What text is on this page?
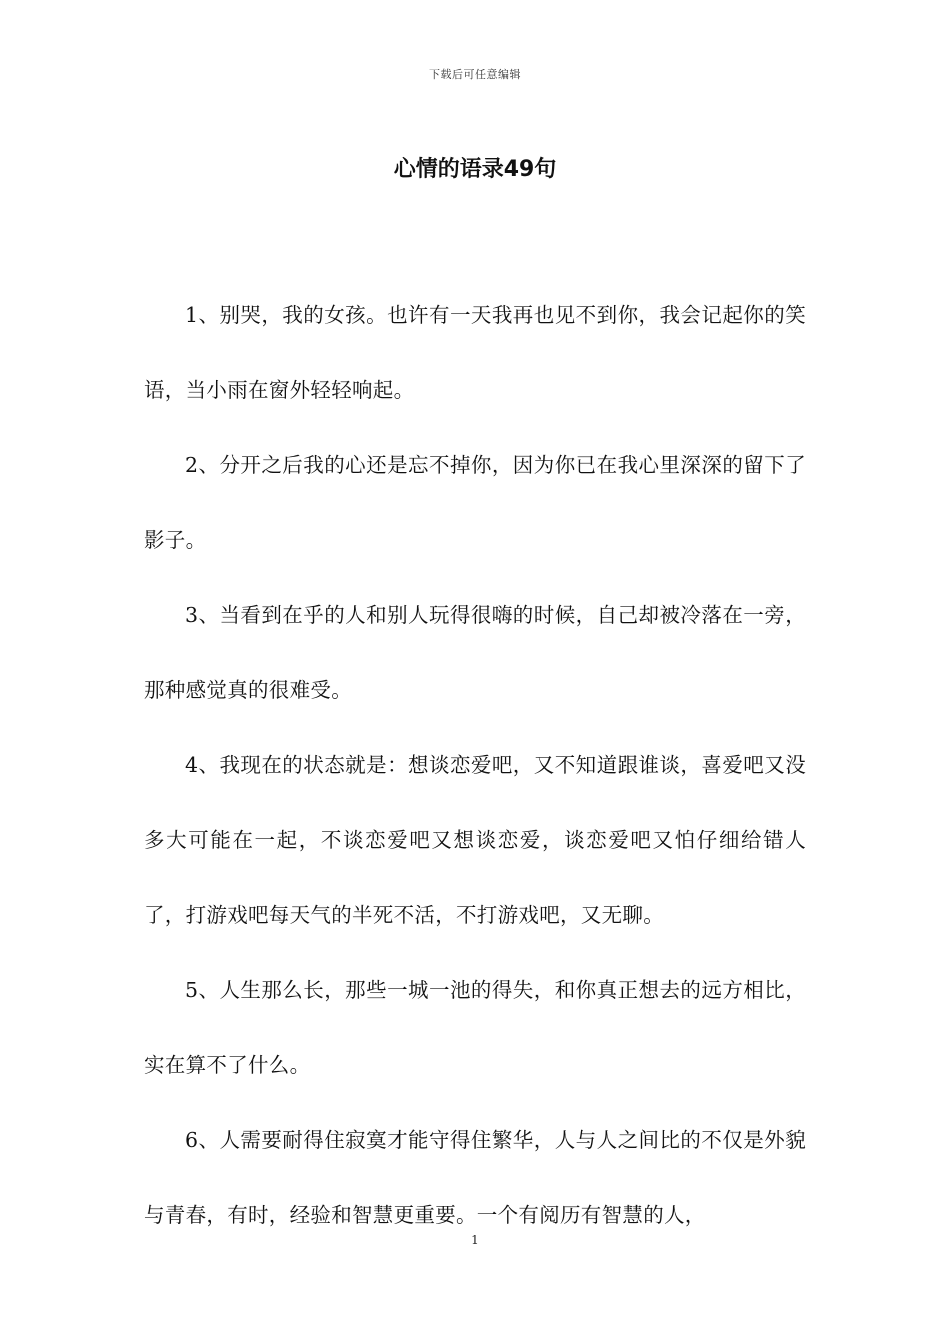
下载后可任意编辑
心情的语录49句

1、别哭，我的女孩。也许有一天我再也见不到你，我会记起你的笑语，当小雨在窗外轻轻响起。

2、分开之后我的心还是忘不掉你，因为你已在我心里深深的留下了影子。

3、当看到在乎的人和别人玩得很嗨的时候，自己却被冷落在一旁，那种感觉真的很难受。

4、我现在的状态就是：想谈恋爱吧，又不知道跟谁谈，喜爱吧又没多大可能在一起，不谈恋爱吧又想谈恋爱，谈恋爱吧又怕仔细给错人了，打游戏吧每天气的半死不活，不打游戏吧，又无聊。

5、人生那么长，那些一城一池的得失，和你真正想去的远方相比，实在算不了什么。

6、人需要耐得住寂寞才能守得住繁华，人与人之间比的不仅是外貌与青春，有时，经验和智慧更重要。一个有阅历有智慧的人，

1
